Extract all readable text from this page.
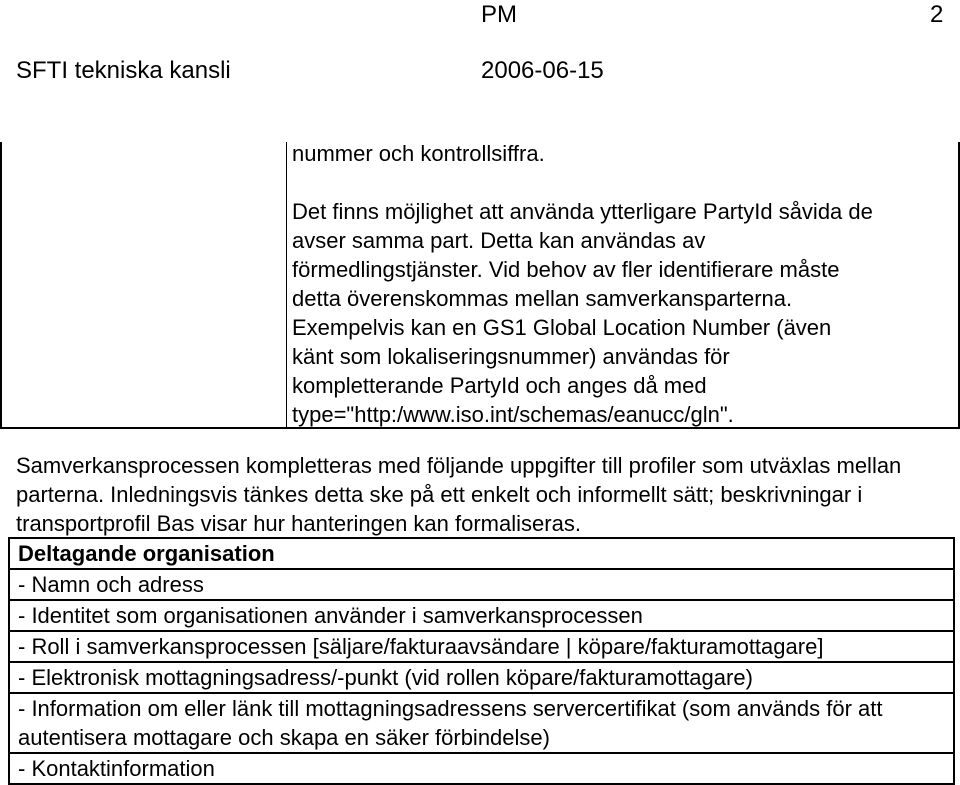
PM	2
SFTI tekniskа kansli	2006-06-15

nummer och kontrollsiffra.

Det finns möjlighet att använda ytterligare PartyId såvida de

avser samma part. Detta kan användas av

förmedlingstjänster. Vid behov av fler identifierare måste

detta överenskommas mellan samverkansparterna.

Exempelvis kan en GS1 Global Location Number (även

känt som lokaliseringsnummer) användas för

kompletterande PartyId och anges då med

type="http:/www.iso.int/schemas/eanucc/gln".

Samverkansprocessen kompletteras med följande uppgifter till profiler som utväxlas mellan parterna. Inledningsvis tänkes detta ske på ett enkelt och informellt sätt; beskrivningar i transportprofil Bas visar hur hanteringen kan formaliseras.

Deltagande organisation
- Namn och adress
- Identitet som organisationen använder i samverkansprocessen
- Roll i samverkansprocessen [säljare/fakturaavsändare | köpare/fakturamottagare]
- Elektronisk mottagningsadress/-punkt (vid rollen köpare/fakturamottagare)
- Information om eller länk till mottagningsadressens servercertifikat (som används för att autentisera mottagare och skapa en säker förbindelse)
- Kontaktinformation
